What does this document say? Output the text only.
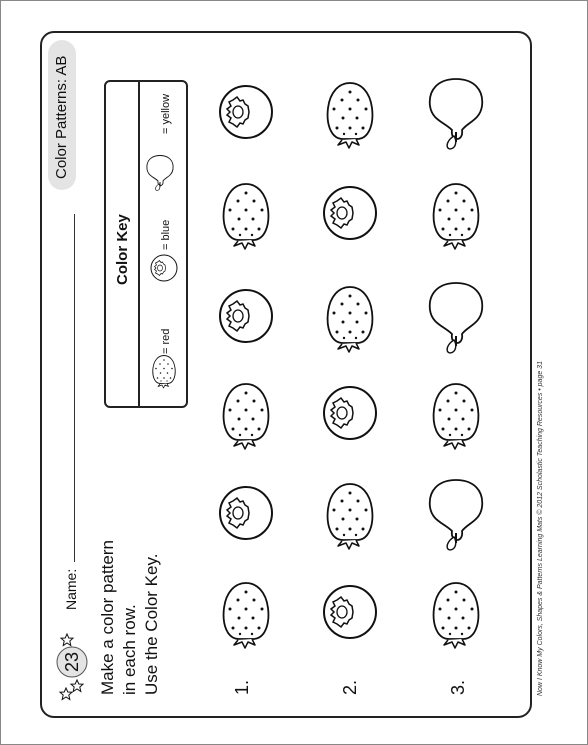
Color Patterns: AB
Name: Make a color pattern in each row. Use the Color Key.	1.	2.	3.	Now I Know My Colors, Shapes & Patterns Learning Mats © 2012 Scholastic Teaching Resources • page 31
Color Key
= red
= blue
= yellow
23
